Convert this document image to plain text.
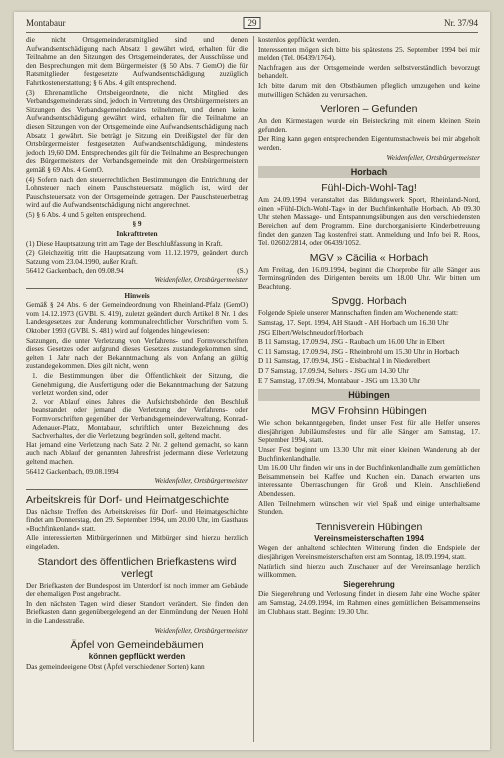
Montabaur	29	Nr. 37/94

die nicht Ortsgemeinderatsmitglied sind und denen Aufwandsentschädigung nach Absatz 1 gewährt wird, erhalten für die Teilnahme an den Sitzungen des Ortsgemeinderates, der Ausschüsse und den Besprechungen mit dem Bürgermeister (§ 50 Abs. 7 GemO) die für Ratsmitglieder festgesetzte Aufwandsentschädigung zuzüglich Fahrtkostenerstattung; § 6 Abs. 4 gilt entsprechend.

(3) Ehrenamtliche Ortsbeigeordnete, die nicht Mitglied des Verbandsgemeinderats sind, jedoch in Vertretung des Ortsbürgermeisters an Sitzungen des Verbandsgemeinderates teilnehmen, und denen keine Aufwandsentschädigung gewährt wird, erhalten für die Teilnahme an diesen Sitzungen von der Ortsgemeinde eine Aufwandsentschädigung nach Absatz 1 gewährt. Sie beträgt je Sitzung ein Dreißigstel der für den Ortsbürgermeister festgesetzten Aufwandsentschädigung, mindestens jedoch 19,60 DM. Entsprechendes gilt für die Teilnahme an Besprechungen des Bürgermeisters der Verbandsgemeinde mit den Ortsbürgermeistern gemäß § 69 Abs. 4 GemO.

(4) Sofern nach den steuerrechtlichen Bestimmungen die Entrichtung der Lohnsteuer nach einem Pauschsteuersatz möglich ist, wird der Pauschsteuersatz von der Ortsgemeinde getragen. Der Pauschsteuerbetrag wird auf die Aufwandsentschädigung nicht angerechnet.

(5) § 6 Abs. 4 und 5 gelten entsprechend.

§ 9

Inkrafttreten

(1) Diese Hauptsatzung tritt am Tage der Beschlußfassung in Kraft.

(2) Gleichzeitig tritt die Hauptsatzung vom 11.12.1979, geändert durch Satzung vom 23.04.1990, außer Kraft.

56412 Gackenbach, den 09.08.94	(S.)

Weidenfeller, Ortsbürgermeister

Hinweis

Gemäß § 24 Abs. 6 der Gemeindeordnung von Rheinland-Pfalz (GemO) vom 14.12.1973 (GVBl. S. 419), zuletzt geändert durch Artikel 8 Nr. 1 des Landesgesetzes zur Änderung kommunalrechtlicher Vorschriften vom 5. Oktober 1993 (GVBl. S. 481) wird auf folgendes hingewiesen:

Satzungen, die unter Verletzung von Verfahrens- und Formvorschriften dieses Gesetzes oder aufgrund dieses Gesetzes zustandegekommen sind, gelten 1 Jahr nach der Bekanntmachung als von Anfang an gültig zustandegekommen. Dies gilt nicht, wenn

1. die Bestimmungen über die Öffentlichkeit der Sitzung, die Genehmigung, die Ausfertigung oder die Bekanntmachung der Satzung verletzt worden sind, oder
2. vor Ablauf eines Jahres die Aufsichtsbehörde den Beschluß beanstandet oder jemand die Verletzung der Verfahrens- oder Formvorschriften gegenüber der Verbandsgemeindeverwaltung, Konrad-Adenauer-Platz, Montabaur, schriftlich unter Bezeichnung des Sachverhaltes, der die Verletzung begründen soll, geltend macht.

Hat jemand eine Verletzung nach Satz 2 Nr. 2 geltend gemacht, so kann auch nach Ablauf der genannten Jahresfrist jedermann diese Verletzung geltend machen.

56412 Gackenbach, 09.08.1994

Weidenfeller, Ortsbürgermeister

Arbeitskreis für Dorf- und Heimatgeschichte

Das nächste Treffen des Arbeitskreises für Dorf- und Heimatgeschichte findet am Donnerstag, den 29. September 1994, um 20.00 Uhr, im Gasthaus »Buchfinkenland« statt.

Alle interessierten Mitbürgerinnen und Mitbürger sind hierzu herzlich eingeladen.

Standort des öffentlichen Briefkastens wird verlegt

Der Briefkasten der Bundespost im Unterdorf ist noch immer am Gebäude der ehemaligen Post angebracht.

In den nächsten Tagen wird dieser Standort verändert. Sie finden den Briefkasten dann gegenübergelegend an der Einmündung der Neuen Hohl in die Landesstraße.

Weidenfeller, Ortsbürgermeister

Äpfel von Gemeindebäumen

können gepflückt werden

Das gemeindeeigene Obst (Äpfel verschiedener Sorten) kann

kostenlos gepflückt werden.

Interessenten mögen sich bitte bis spätestens 25. September 1994 bei mir melden (Tel. 06439/1764).

Nachfragen aus der Ortsgemeinde werden selbstverständlich bevorzugt behandelt.

Ich bitte darum mit den Obstbäumen pfleglich umzugehen und keine mutwilligen Schäden zu verursachen.

Verloren – Gefunden

An den Kirmestagen wurde ein Beisteckring mit einem kleinen Stein gefunden.

Der Ring kann gegen entsprechenden Eigentumsnachweis bei mir abgeholt werden.

Weidenfeller, Ortsbürgermeister

Horbach

Fühl-Dich-Wohl-Tag!

Am 24.09.1994 veranstaltet das Bildungswerk Sport, Rheinland-Nord, einen »Fühl-Dich-Wohl-Tag« in der Buchfinkenhalle Horbach. Ab 09.30 Uhr stehen Massage- und Entspannungsübungen aus den verschiedensten Bereichen auf dem Programm. Eine durchorganisierte Kinderbetreuung findet den ganzen Tag kostenfrei statt. Anmeldung und Info bei R. Roos, Tel. 02602/2814, oder 06439/1052.

MGV » Cäcilia « Horbach

Am Freitag, den 16.09.1994, beginnt die Chorprobe für alle Sänger aus Terminsgründen des Dirigenten bereits um 18.00 Uhr. Wir bitten um Beachtung.

Spvgg. Horbach

Folgende Spiele unserer Mannschaften finden am Wochenende statt:

Samstag, 17. Sept. 1994, AH Staudt - AH Horbach um 16.30 Uhr

JSG Elbert/Welschneudorf/Horbach

B 11 Samstag, 17.09.94, JSG - Raubach um 16.00 Uhr in Elbert

C 11 Samstag, 17.09.94, JSG - Rheinbrohl um 15.30 Uhr in Horbach

D 11 Samstag, 17.09.94, JSG - Eisbachtal I in Niederelbert

D 7 Samstag, 17.09.94, Selters - JSG um 14.30 Uhr

E 7 Samstag, 17.09.94, Montabaur - JSG um 13.30 Uhr

Hübingen

MGV Frohsinn Hübingen

Wie schon bekanntgegeben, findet unser Fest für alle Helfer unseres diesjährigen Jubiläumsfestes und für alle Sänger am Samstag, 17. September 1994, statt.

Unser Fest beginnt um 13.30 Uhr mit einer kleinen Wanderung ab der Buchfinkenlandhalle.

Um 16.00 Uhr finden wir uns in der Buchfinkenlandhalle zum gemütlichen Beisammensein bei Kaffee und Kuchen ein. Danach erwarten uns interessante Überraschungen für Groß und Klein. Anschließend Abendessen.

Allen Teilnehmern wünschen wir viel Spaß und einige unterhaltsame Stunden.

Tennisverein Hübingen

Vereinsmeisterschaften 1994

Wegen der anhaltend schlechten Witterung finden die Endspiele der diesjährigen Vereinsmeisterschaften erst am Sonntag, 18.09.1994, statt.

Natürlich sind hierzu auch Zuschauer auf der Vereinsanlage herzlich willkommen.

Siegerehrung

Die Siegerehrung und Verlosung findet in diesem Jahr eine Woche später am Samstag, 24.09.1994, im Rahmen eines gemütlichen Beisammenseins im Clubhaus statt. Beginn: 19.30 Uhr.
